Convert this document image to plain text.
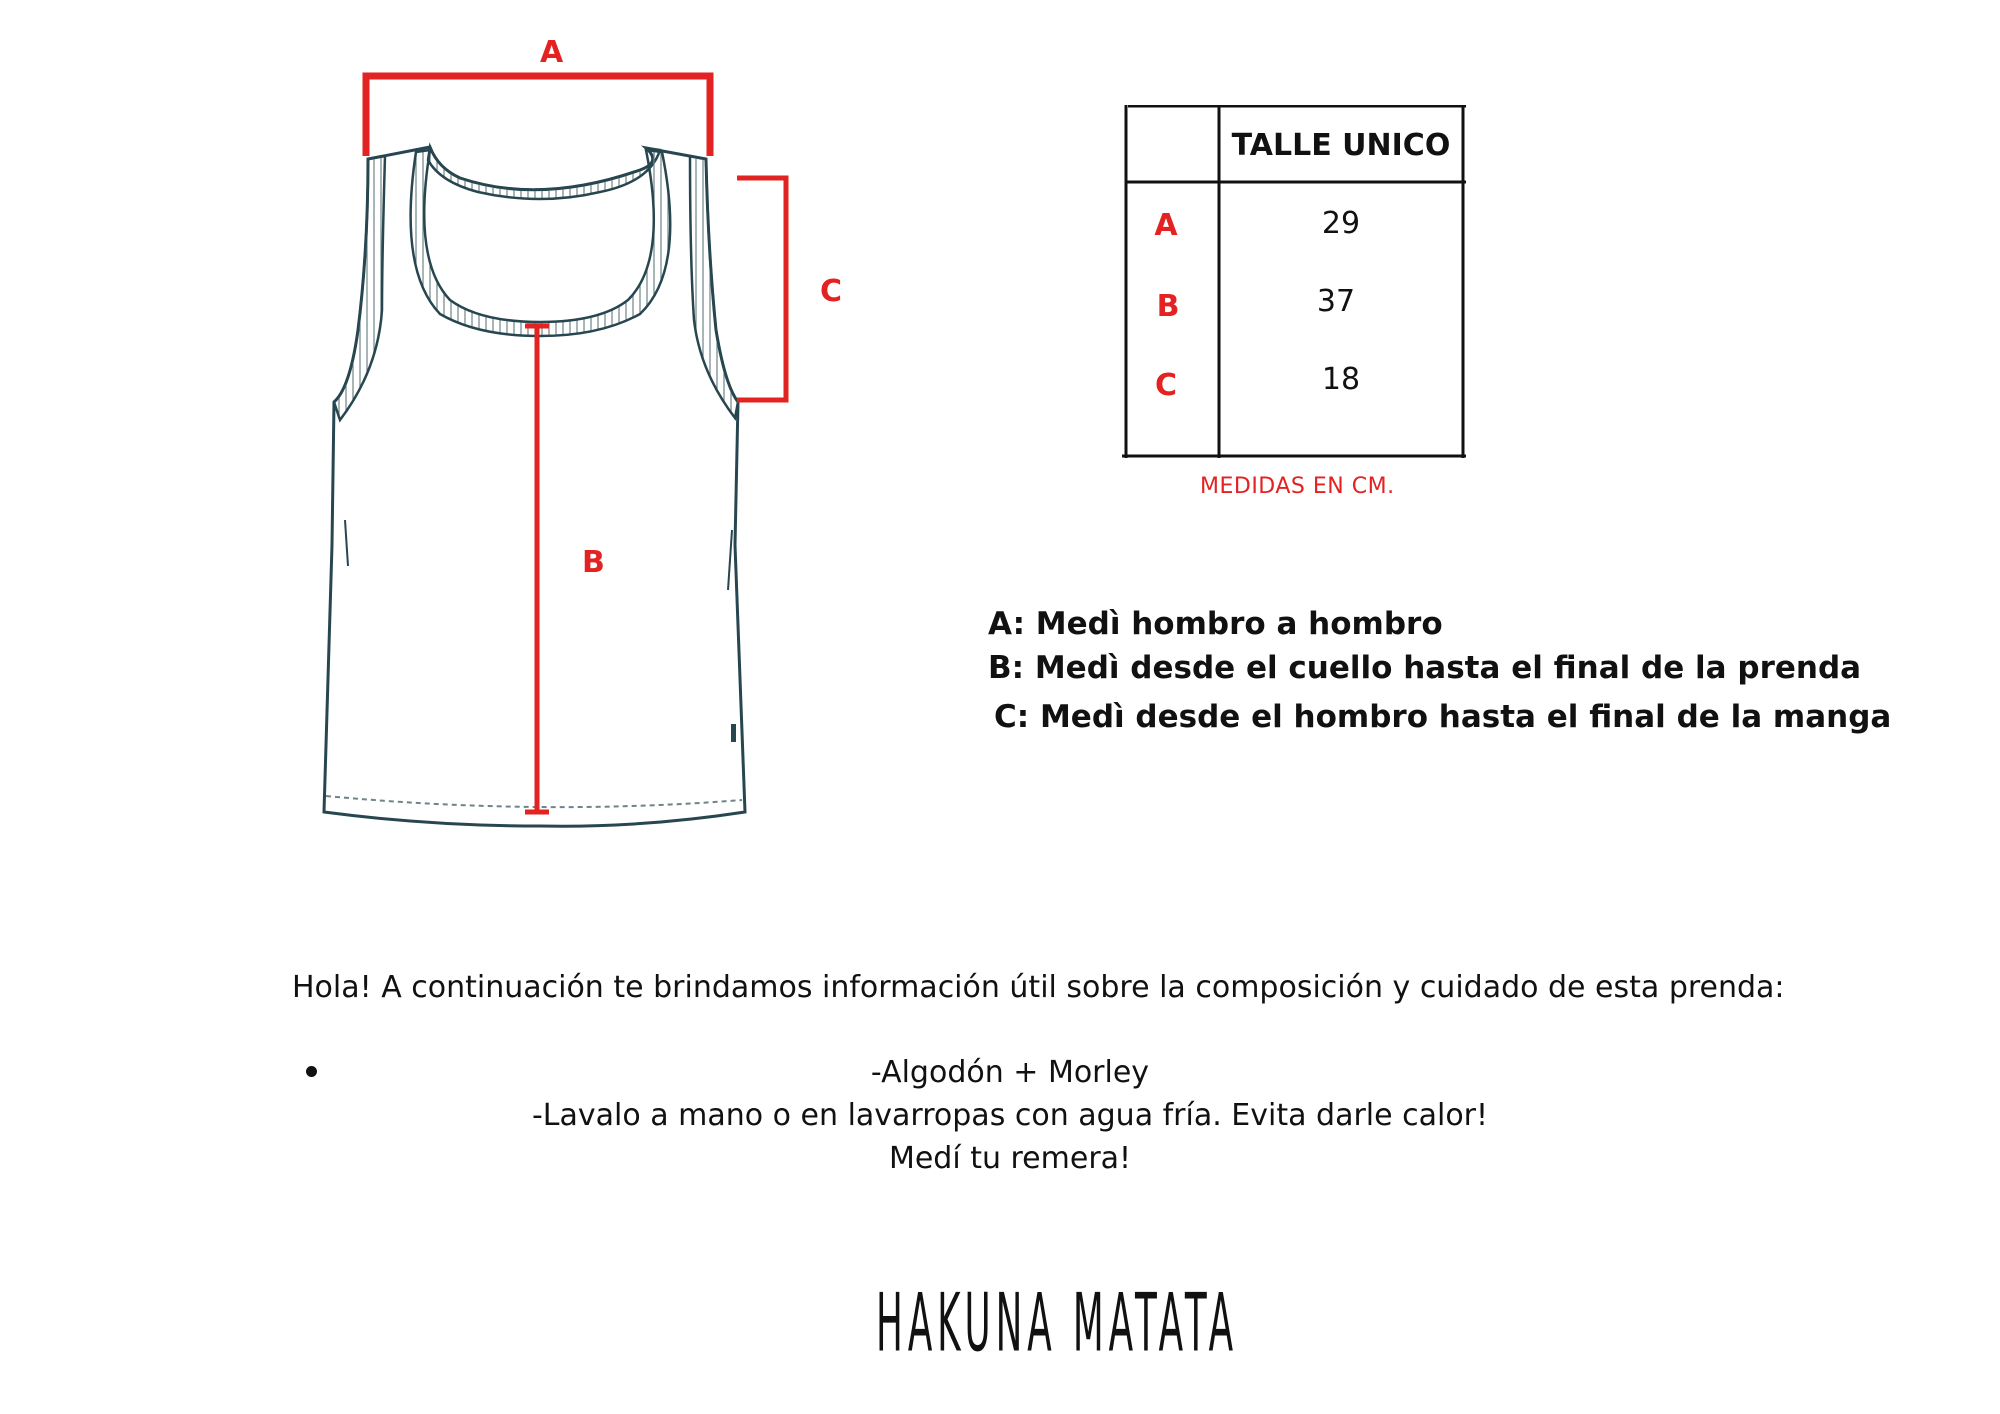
A
C
B
TALLE UNICO
A	29
B	37
C	18
MEDIDAS EN CM.
A: Medì hombro a hombro
B: Medì desde el cuello hasta el final de la prenda
C: Medì desde el hombro hasta el final de la manga
Hola! A continuación te brindamos información útil sobre la composición y cuidado de esta prenda:
-Algodón + Morley
-Lavalo a mano o en lavarropas con agua fría. Evita darle calor!
Medí tu remera!
HAKUNA MATATA
